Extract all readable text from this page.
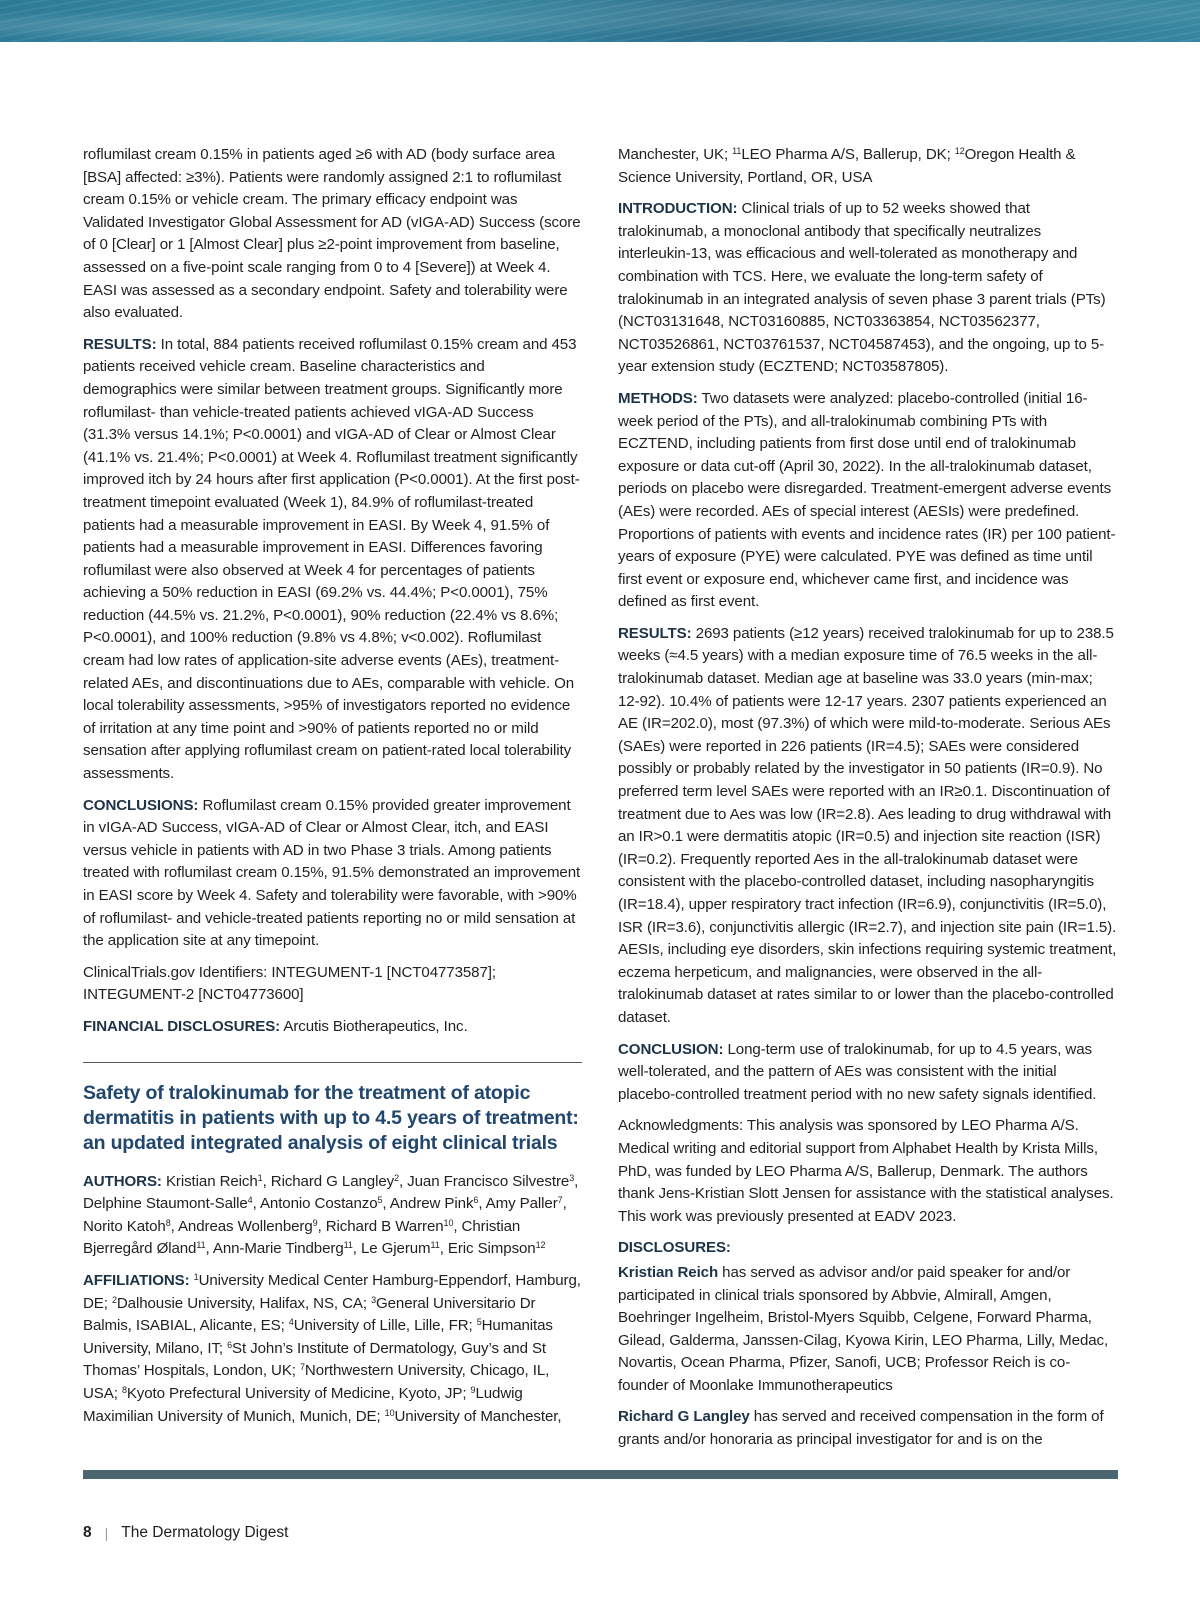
roflumilast cream 0.15% in patients aged ≥6 with AD (body surface area [BSA] affected: ≥3%). Patients were randomly assigned 2:1 to roflumilast cream 0.15% or vehicle cream. The primary efficacy endpoint was Validated Investigator Global Assessment for AD (vIGA-AD) Success (score of 0 [Clear] or 1 [Almost Clear] plus ≥2-point improvement from baseline, assessed on a five-point scale ranging from 0 to 4 [Severe]) at Week 4. EASI was assessed as a secondary endpoint. Safety and tolerability were also evaluated.

RESULTS: In total, 884 patients received roflumilast 0.15% cream and 453 patients received vehicle cream. Baseline characteristics and demographics were similar between treatment groups. Significantly more roflumilast- than vehicle-treated patients achieved vIGA-AD Success (31.3% versus 14.1%; P<0.0001) and vIGA-AD of Clear or Almost Clear (41.1% vs. 21.4%; P<0.0001) at Week 4. Roflumilast treatment significantly improved itch by 24 hours after first application (P<0.0001). At the first post-treatment timepoint evaluated (Week 1), 84.9% of roflumilast-treated patients had a measurable improvement in EASI. By Week 4, 91.5% of patients had a measurable improvement in EASI. Differences favoring roflumilast were also observed at Week 4 for percentages of patients achieving a 50% reduction in EASI (69.2% vs. 44.4%; P<0.0001), 75% reduction (44.5% vs. 21.2%, P<0.0001), 90% reduction (22.4% vs 8.6%; P<0.0001), and 100% reduction (9.8% vs 4.8%; v<0.002). Roflumilast cream had low rates of application-site adverse events (AEs), treatment-related AEs, and discontinuations due to AEs, comparable with vehicle. On local tolerability assessments, >95% of investigators reported no evidence of irritation at any time point and >90% of patients reported no or mild sensation after applying roflumilast cream on patient-rated local tolerability assessments.

CONCLUSIONS: Roflumilast cream 0.15% provided greater improvement in vIGA-AD Success, vIGA-AD of Clear or Almost Clear, itch, and EASI versus vehicle in patients with AD in two Phase 3 trials. Among patients treated with roflumilast cream 0.15%, 91.5% demonstrated an improvement in EASI score by Week 4. Safety and tolerability were favorable, with >90% of roflumilast- and vehicle-treated patients reporting no or mild sensation at the application site at any timepoint.

ClinicalTrials.gov Identifiers: INTEGUMENT-1 [NCT04773587];
INTEGUMENT-2 [NCT04773600]

FINANCIAL DISCLOSURES: Arcutis Biotherapeutics, Inc.

Safety of tralokinumab for the treatment of atopic dermatitis in patients with up to 4.5 years of treatment: an updated integrated analysis of eight clinical trials

AUTHORS: Kristian Reich$^1$, Richard G Langley$^2$, Juan Francisco Silvestre$^3$, Delphine Staumont-Salle$^4$, Antonio Costanzo$^5$, Andrew Pink$^6$, Amy Paller$^7$, Norito Katoh$^8$, Andreas Wollenberg$^9$, Richard B Warren$^{10}$, Christian Bjerregård Øland$^{11}$, Ann-Marie Tindberg$^{11}$, Le Gjerum$^{11}$, Eric Simpson$^{12}$

AFFILIATIONS: $^1$University Medical Center Hamburg-Eppendorf, Hamburg, DE; $^2$Dalhousie University, Halifax, NS, CA; $^3$General Universitario Dr Balmis, ISABIAL, Alicante, ES; $^4$University of Lille, Lille, FR; $^5$Humanitas University, Milano, IT; $^6$St John’s Institute of Dermatology, Guy’s and St Thomas’ Hospitals, London, UK; $^7$Northwestern University, Chicago, IL, USA; $^8$Kyoto Prefectural University of Medicine, Kyoto, JP; $^9$Ludwig Maximilian University of Munich, Munich, DE; $^{10}$University of Manchester,

Manchester, UK; $^{11}$LEO Pharma A/S, Ballerup, DK; $^{12}$Oregon Health & Science University, Portland, OR, USA

INTRODUCTION: Clinical trials of up to 52 weeks showed that tralokinumab, a monoclonal antibody that specifically neutralizes interleukin-13, was efficacious and well-tolerated as monotherapy and combination with TCS. Here, we evaluate the long-term safety of tralokinumab in an integrated analysis of seven phase 3 parent trials (PTs) (NCT03131648, NCT03160885, NCT03363854, NCT03562377, NCT03526861, NCT03761537, NCT04587453), and the ongoing, up to 5-year extension study (ECZTEND; NCT03587805).

METHODS: Two datasets were analyzed: placebo-controlled (initial 16-week period of the PTs), and all-tralokinumab combining PTs with ECZTEND, including patients from first dose until end of tralokinumab exposure or data cut-off (April 30, 2022). In the all-tralokinumab dataset, periods on placebo were disregarded. Treatment-emergent adverse events (AEs) were recorded. AEs of special interest (AESIs) were predefined. Proportions of patients with events and incidence rates (IR) per 100 patient-years of exposure (PYE) were calculated. PYE was defined as time until first event or exposure end, whichever came first, and incidence was defined as first event.

RESULTS: 2693 patients (≥12 years) received tralokinumab for up to 238.5 weeks (≈4.5 years) with a median exposure time of 76.5 weeks in the all-tralokinumab dataset. Median age at baseline was 33.0 years (min-max; 12-92). 10.4% of patients were 12-17 years. 2307 patients experienced an AE (IR=202.0), most (97.3%) of which were mild-to-moderate. Serious AEs (SAEs) were reported in 226 patients (IR=4.5); SAEs were considered possibly or probably related by the investigator in 50 patients (IR=0.9). No preferred term level SAEs were reported with an IR≥0.1. Discontinuation of treatment due to Aes was low (IR=2.8). Aes leading to drug withdrawal with an IR>0.1 were dermatitis atopic (IR=0.5) and injection site reaction (ISR) (IR=0.2). Frequently reported Aes in the all-tralokinumab dataset were consistent with the placebo-controlled dataset, including nasopharyngitis (IR=18.4), upper respiratory tract infection (IR=6.9), conjunctivitis (IR=5.0), ISR (IR=3.6), conjunctivitis allergic (IR=2.7), and injection site pain (IR=1.5). AESIs, including eye disorders, skin infections requiring systemic treatment, eczema herpeticum, and malignancies, were observed in the all-tralokinumab dataset at rates similar to or lower than the placebo-controlled dataset.

CONCLUSION: Long-term use of tralokinumab, for up to 4.5 years, was well-tolerated, and the pattern of AEs was consistent with the initial placebo-controlled treatment period with no new safety signals identified.

Acknowledgments: This analysis was sponsored by LEO Pharma A/S. Medical writing and editorial support from Alphabet Health by Krista Mills, PhD, was funded by LEO Pharma A/S, Ballerup, Denmark. The authors thank Jens-Kristian Slott Jensen for assistance with the statistical analyses. This work was previously presented at EADV 2023.

DISCLOSURES:

Kristian Reich has served as advisor and/or paid speaker for and/or participated in clinical trials sponsored by Abbvie, Almirall, Amgen, Boehringer Ingelheim, Bristol-Myers Squibb, Celgene, Forward Pharma, Gilead, Galderma, Janssen-Cilag, Kyowa Kirin, LEO Pharma, Lilly, Medac, Novartis, Ocean Pharma, Pfizer, Sanofi, UCB; Professor Reich is co-founder of Moonlake Immunotherapeutics

Richard G Langley has served and received compensation in the form of grants and/or honoraria as principal investigator for and is on the

8 | The Dermatology Digest
